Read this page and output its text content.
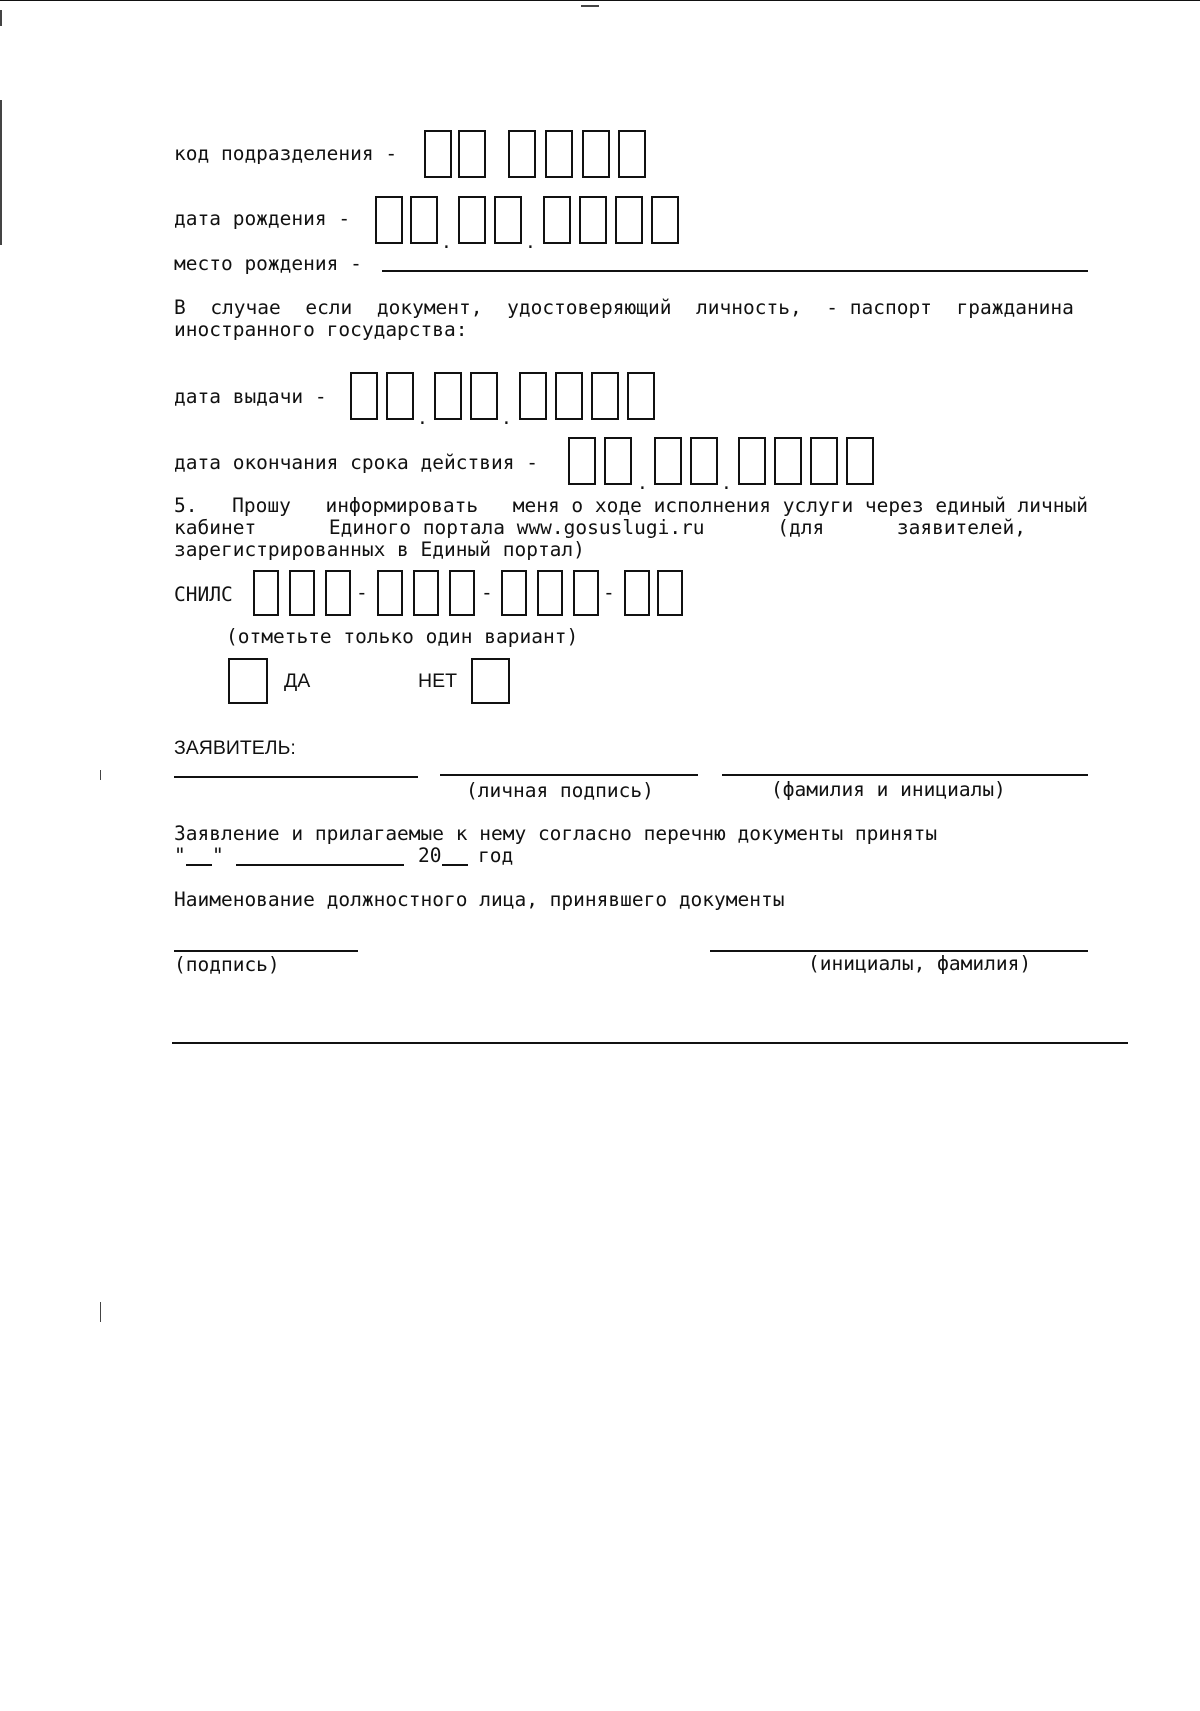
код подразделения -
дата рождения -
.	.
место рождения -
В случае если документ, удостоверяющий личность, - паспорт гражданина
иностранного государства:
дата выдачи -
.	.
дата окончания срока действия -
.	.
5. Прошу информировать меня о ходе исполнения услуги через единый личный
кабинет	Единого портала www.gosuslugi.ru	(для	заявителей,
зарегистрированных в Единый портал)
СНИЛС	-	-	-
(отметьте только один вариант)
ДА	НЕТ
ЗАЯВИТЕЛЬ:
(личная подпись)	(фамилия и инициалы)
Заявление и прилагаемые к нему согласно перечню документы приняты
" "	20 год
Наименование должностного лица, принявшего документы
(подпись)	(инициалы, фамилия)
